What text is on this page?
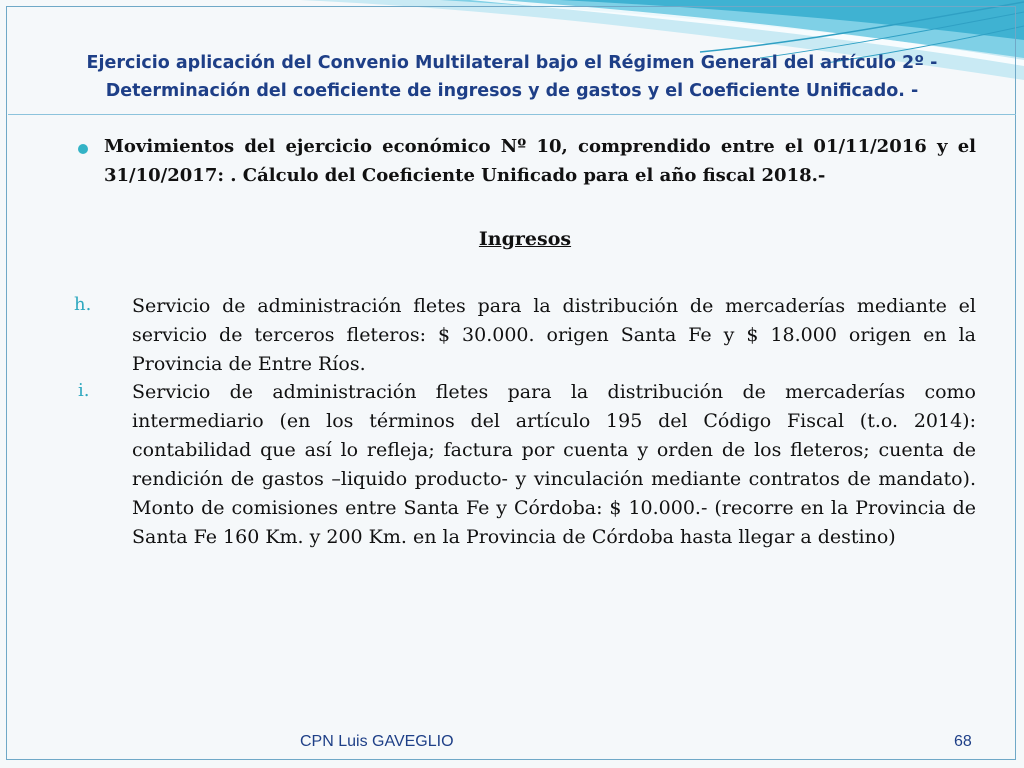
Ejercicio aplicación del Convenio Multilateral bajo el Régimen General del artículo 2º -
Determinación del coeficiente de ingresos y de gastos y el Coeficiente Unificado. -
Movimientos del ejercicio económico Nº 10, comprendido entre el 01/11/2016 y el 31/10/2017: . Cálculo del Coeficiente Unificado para el año fiscal 2018.-
Ingresos
h. Servicio de administración fletes para la distribución de mercaderías mediante el servicio de terceros fleteros: $ 30.000. origen Santa Fe y $ 18.000 origen en la Provincia de Entre Ríos.
i. Servicio de administración fletes para la distribución de mercaderías como intermediario (en los términos del artículo 195 del Código Fiscal (t.o. 2014): contabilidad que así lo refleja; factura por cuenta y orden de los fleteros; cuenta de rendición de gastos –liquido producto- y vinculación mediante contratos de mandato). Monto de comisiones entre Santa Fe y Córdoba: $ 10.000.- (recorre en la Provincia de Santa Fe 160 Km. y 200 Km. en la Provincia de Córdoba hasta llegar a destino)
CPN Luis GAVEGLIO	68
